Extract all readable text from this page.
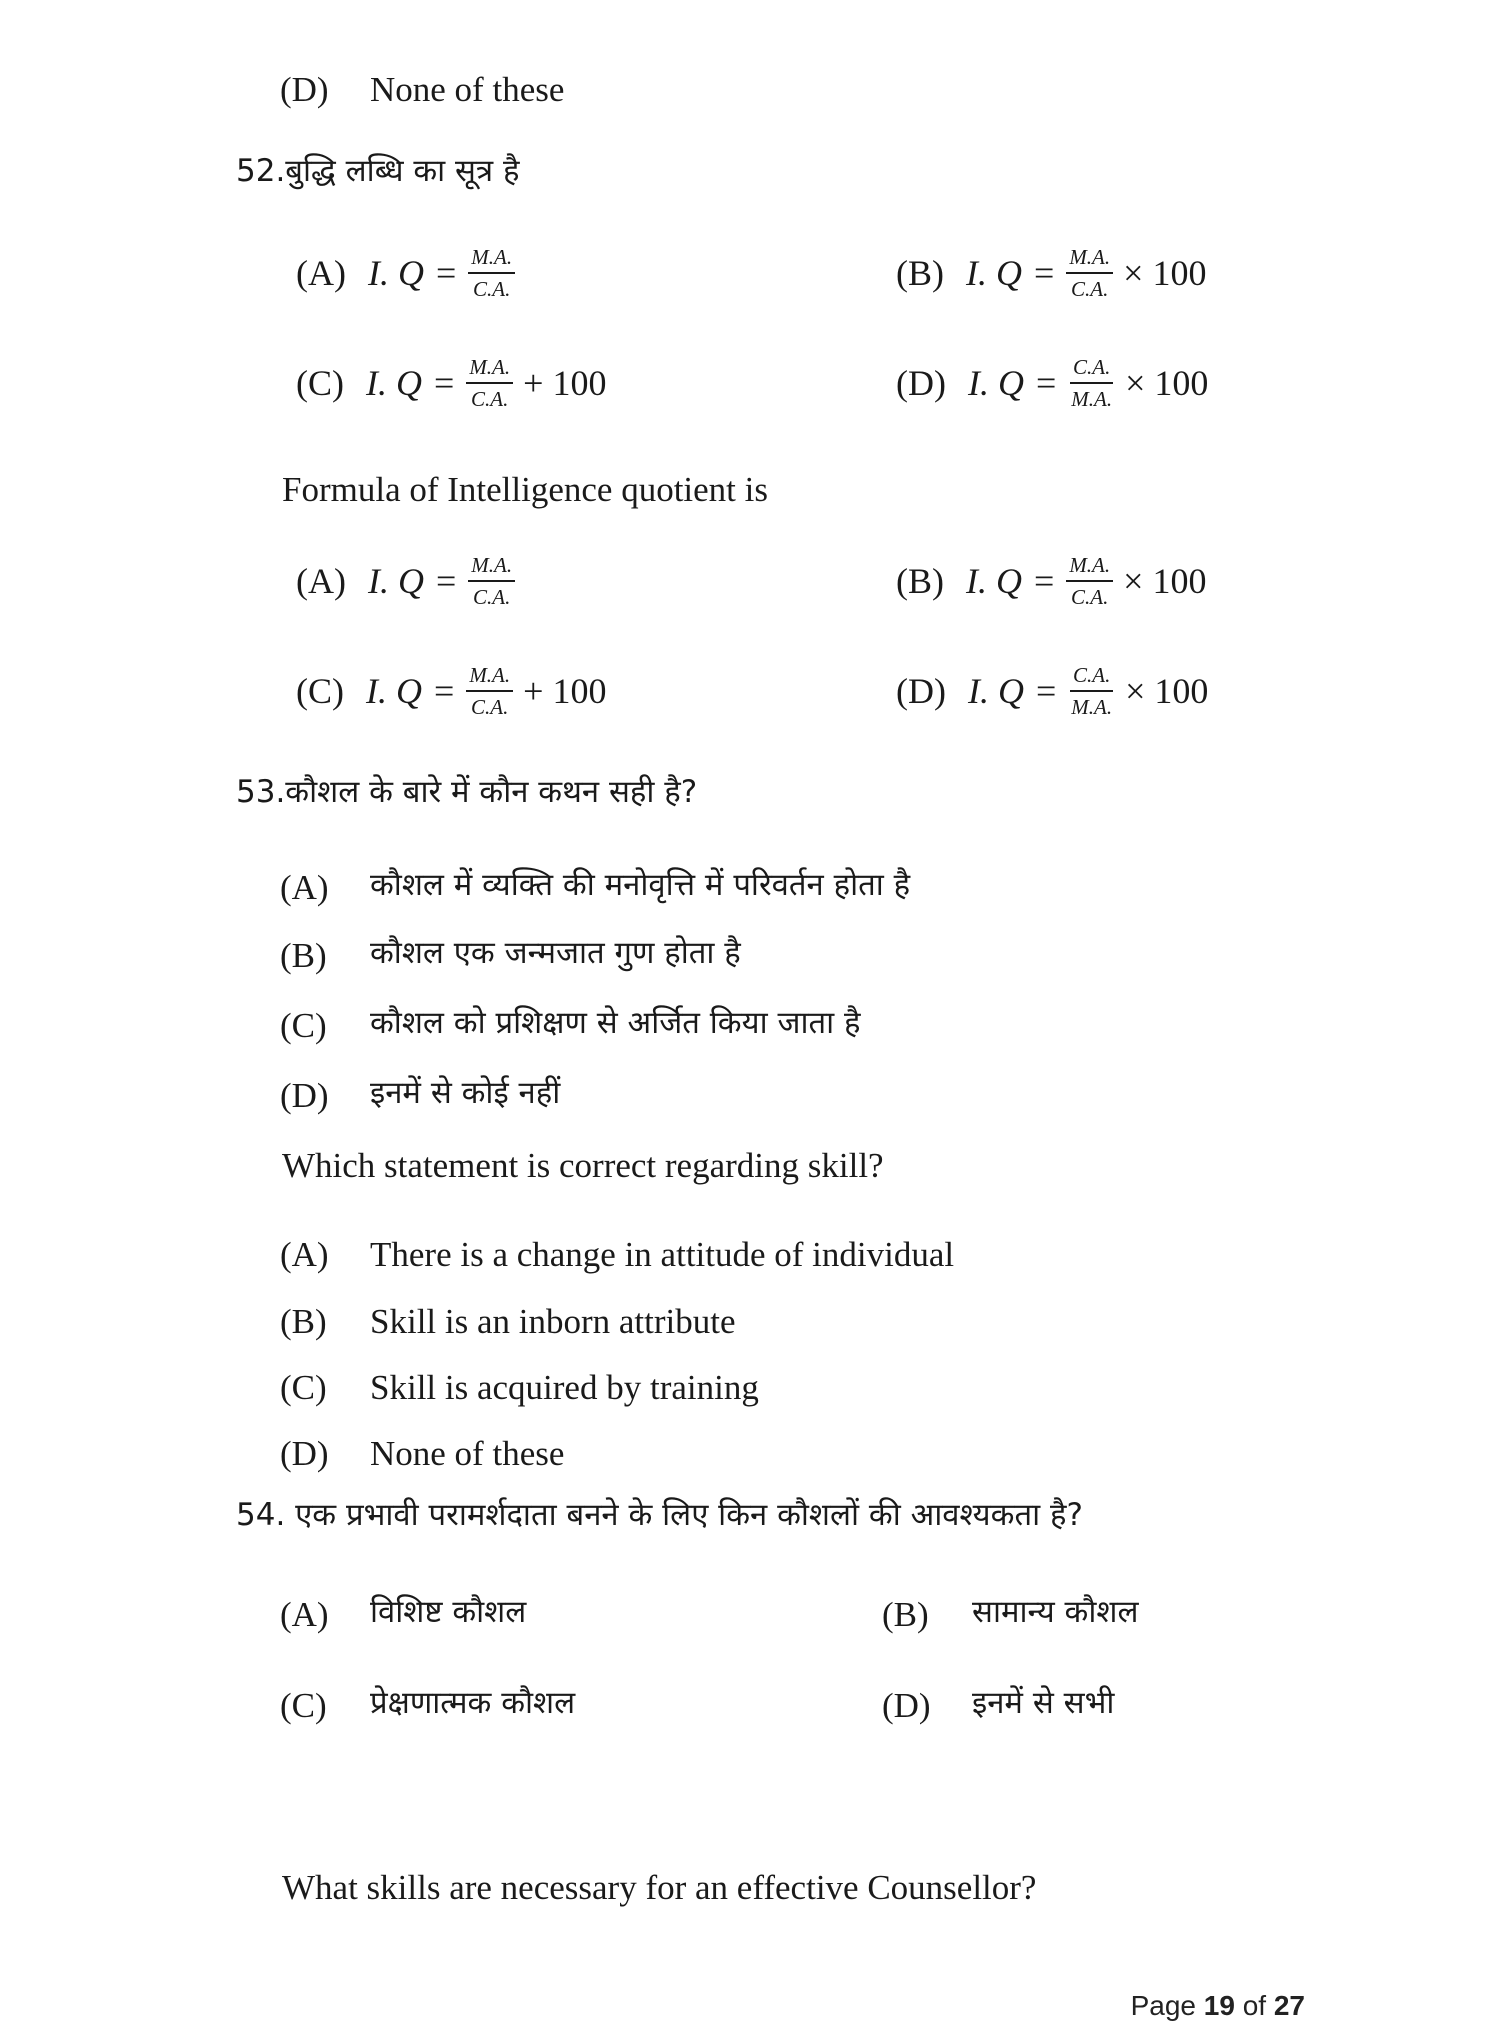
(D) None of these
52.बुद्धि लब्धि का सूत्र है
(A) I. $Q = \frac{M.A.}{C.A.}$	(B) I. $Q = \frac{M.A.}{C.A.} \times 100$
(C) I. $Q = \frac{M.A.}{C.A.} + 100$	(D) I. $Q = \frac{C.A.}{M.A.} \times 100$
Formula of Intelligence quotient is
(A) I. $Q = \frac{M.A.}{C.A.}$	(B) I. $Q = \frac{M.A.}{C.A.} \times 100$
(C) I. $Q = \frac{M.A.}{C.A.} + 100$	(D) I. $Q = \frac{C.A.}{M.A.} \times 100$
53.कौशल के बारे में कौन कथन सही है?
(A) कौशल में व्यक्ति की मनोवृत्ति में परिवर्तन होता है
(B) कौशल एक जन्मजात गुण होता है
(C) कौशल को प्रशिक्षण से अर्जित किया जाता है
(D) इनमें से कोई नहीं
Which statement is correct regarding skill?
(A) There is a change in attitude of individual
(B) Skill is an inborn attribute
(C) Skill is acquired by training
(D) None of these
54. एक प्रभावी परामर्शदाता बनने के लिए किन कौशलों की आवश्यकता है?
(A) विशिष्ट कौशल	(B) सामान्य कौशल
(C) प्रेक्षणात्मक कौशल	(D) इनमें से सभी
What skills are necessary for an effective Counsellor?
Page 19 of 27
